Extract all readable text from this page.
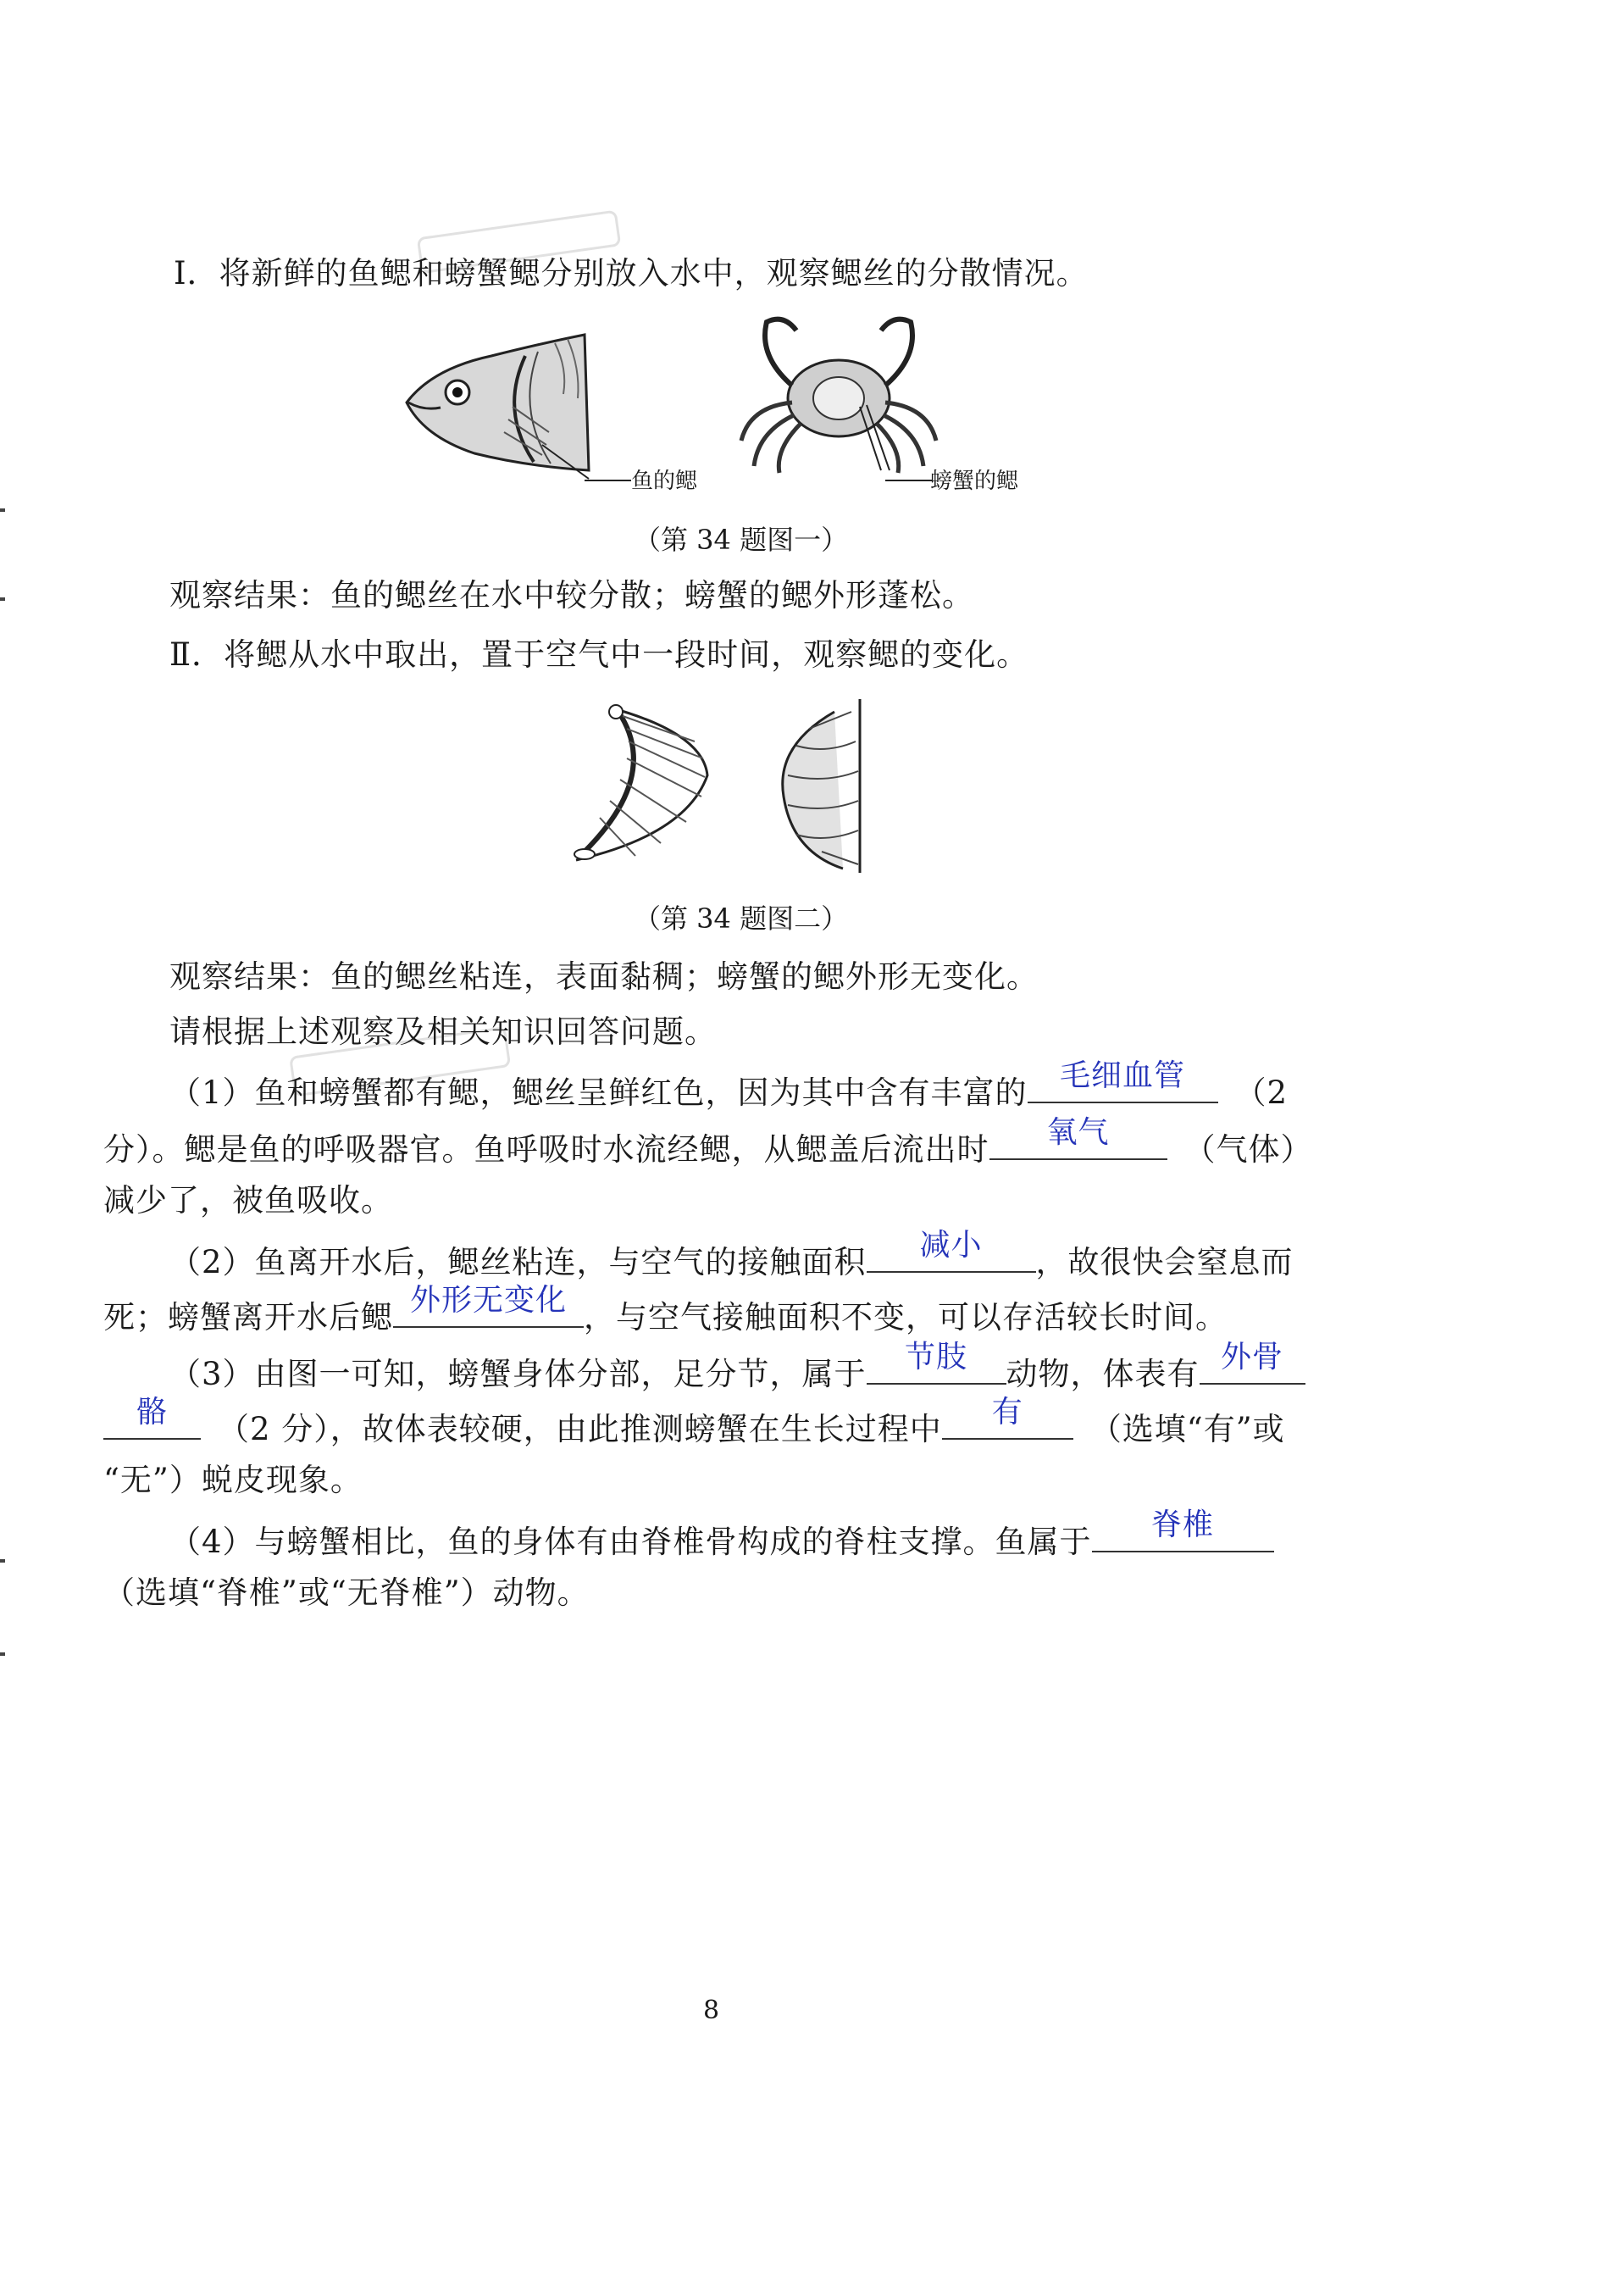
Ⅰ．将新鲜的鱼鳃和螃蟹鳃分别放入水中，观察鳃丝的分散情况。
鱼的鳃	螃蟹的鳃
（第 34 题图一）
观察结果：鱼的鳃丝在水中较分散；螃蟹的鳃外形蓬松。
Ⅱ．将鳃从水中取出，置于空气中一段时间，观察鳃的变化。
（第 34 题图二）
观察结果：鱼的鳃丝粘连，表面黏稠；螃蟹的鳃外形无变化。
请根据上述观察及相关知识回答问题。
（1）鱼和螃蟹都有鳃，鳃丝呈鲜红色，因为其中含有丰富的	毛细血管	（2
分）。鳃是鱼的呼吸器官。鱼呼吸时水流经鳃，从鳃盖后流出时	氧气	（气体）
减少了，被鱼吸收。
（2）鱼离开水后，鳃丝粘连，与空气的接触面积	减小	，故很快会窒息而
死；螃蟹离开水后鳃 外形无变化 ，与空气接触面积不变，可以存活较长时间。
（3）由图一可知，螃蟹身体分部，足分节，属于	节肢	动物，体表有 外骨
骼	（2 分），故体表较硬，由此推测螃蟹在生长过程中	有	（选填“有”或
“无”）蜕皮现象。
（4）与螃蟹相比，鱼的身体有由脊椎骨构成的脊柱支撑。鱼属于	脊椎
（选填“脊椎”或“无脊椎”）动物。
8
